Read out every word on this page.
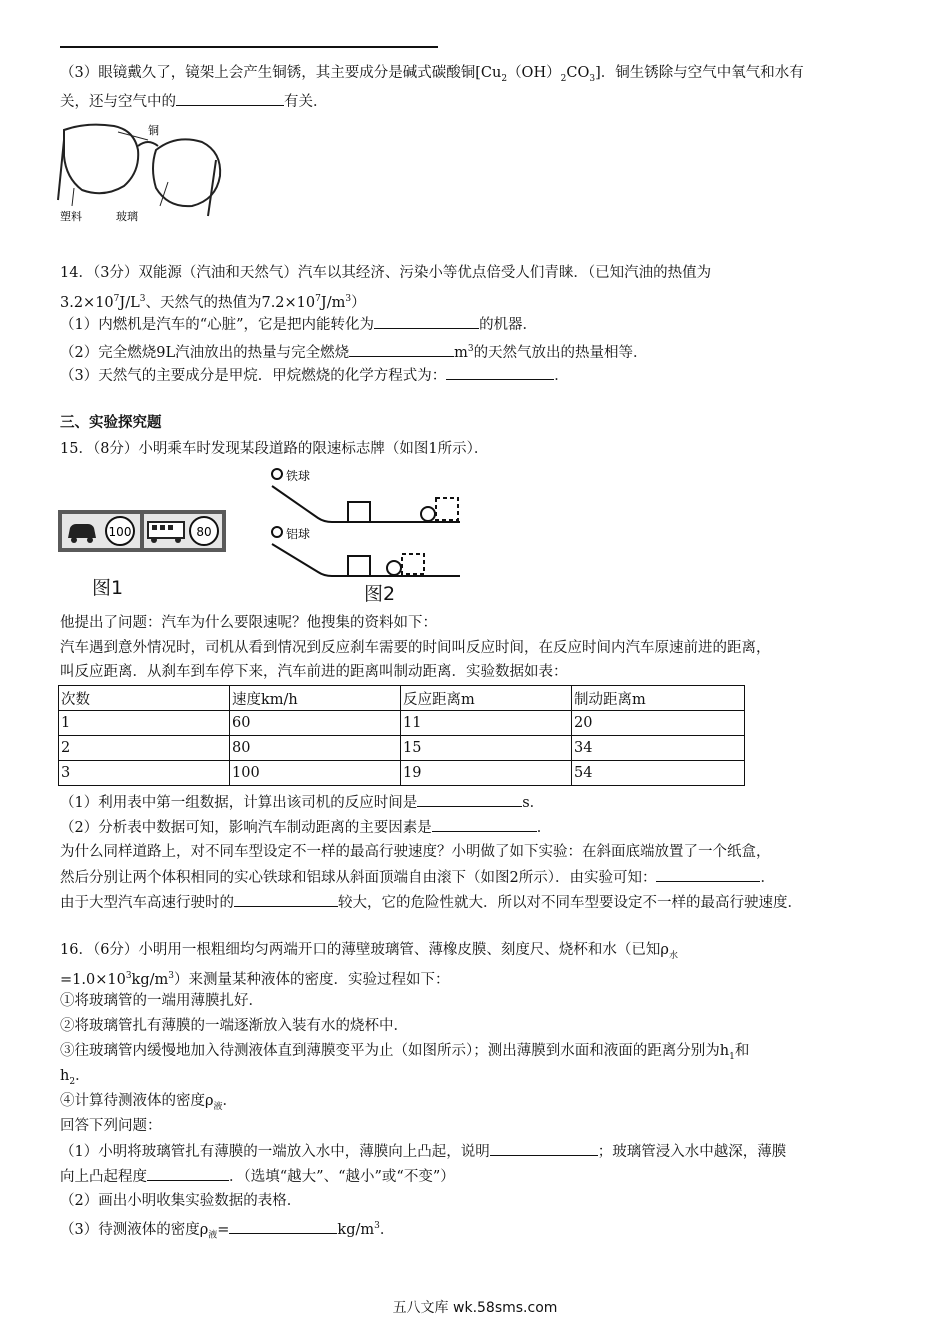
（3）眼镜戴久了，镜架上会产生铜锈，其主要成分是碱式碳酸铜$[Cu_2(OH)_2CO_3]$．铜生锈除与空气中氧气和水有
关，还与空气中的	有关．
铜
塑料	玻璃
14．（3分）双能源（汽油和天然气）汽车以其经济、污染小等优点倍受人们青睐．（已知汽油的热值为
$3.2\times 10^7J/L^3$、天然气的热值为$7.2\times 10^7J/m^3$）
（1）内燃机是汽车的“心脏”，它是把内能转化为	的机器．
（2）完全燃烧9L汽油放出的热量与完全燃烧	$m^3$的天然气放出的热量相等．
（3）天然气的主要成分是甲烷．甲烷燃烧的化学方程式为：	．
三、实验探究题
15．（8分）小明乘车时发现某段道路的限速标志牌（如图1所示）．
100	80
图1
铁球
铝球
图2
他提出了问题：汽车为什么要限速呢？他搜集的资料如下：
汽车遇到意外情况时，司机从看到情况到反应刹车需要的时间叫反应时间，在反应时间内汽车原速前进的距离，
叫反应距离．从刹车到车停下来，汽车前进的距离叫制动距离．实验数据如表：
次数	速度km/h	反应距离m	制动距离m
1	60	11	20
2	80	15	34
3	100	19	54
（1）利用表中第一组数据，计算出该司机的反应时间是	s．
（2）分析表中数据可知，影响汽车制动距离的主要因素是	．
为什么同样道路上，对不同车型设定不一样的最高行驶速度？小明做了如下实验：在斜面底端放置了一个纸盒，
然后分别让两个体积相同的实心铁球和铝球从斜面顶端自由滚下（如图2所示）．由实验可知：	．
由于大型汽车高速行驶时的	较大，它的危险性就大．所以对不同车型要设定不一样的最高行驶速度．
16．（6分）小明用一根粗细均匀两端开口的薄壁玻璃管、薄橡皮膜、刻度尺、烧杯和水（已知$\rho_水$
$=1.0\times 10^3kg/m^3$）来测量某种液体的密度．实验过程如下：
①将玻璃管的一端用薄膜扎好．
②将玻璃管扎有薄膜的一端逐渐放入装有水的烧杯中．
③往玻璃管内缓慢地加入待测液体直到薄膜变平为止（如图所示）；测出薄膜到水面和液面的距离分别为$h_1$和
$h_2$．
④计算待测液体的密度$\rho_液$．
回答下列问题：
（1）小明将玻璃管扎有薄膜的一端放入水中，薄膜向上凸起，说明	；玻璃管浸入水中越深，薄膜
向上凸起程度	．（选填“越大”、“越小”或“不变”）
（2）画出小明收集实验数据的表格．
（3）待测液体的密度$\rho_液=$	$kg/m^3$．
五八文库 wk.58sms.com
